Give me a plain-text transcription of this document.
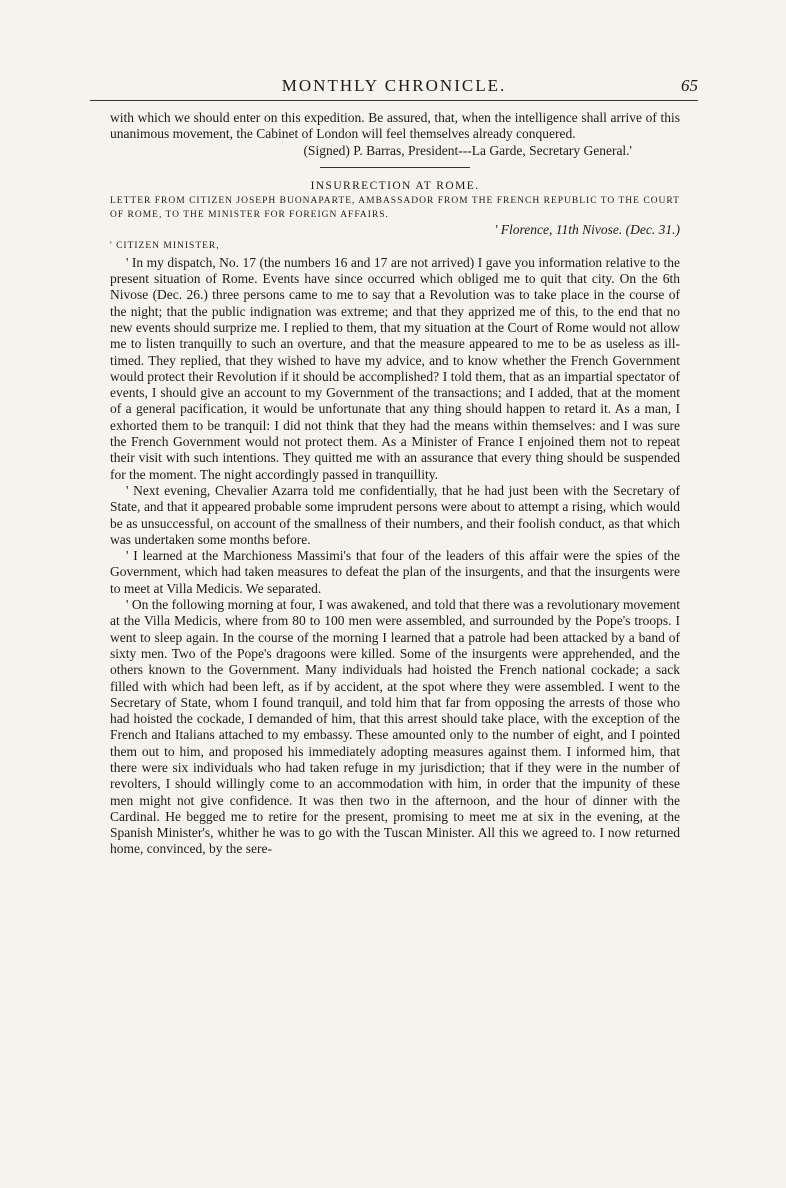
MONTHLY CHRONICLE.	65

with which we should enter on this expedition. Be assured, that, when the intelligence shall arrive of this unanimous movement, the Cabinet of London will feel themselves already conquered.

(Signed) P. Barras, President---La Garde, Secretary General.'

INSURRECTION AT ROME.

LETTER FROM CITIZEN JOSEPH BUONAPARTE, AMBASSADOR FROM THE FRENCH REPUBLIC TO THE COURT OF ROME, TO THE MINISTER FOR FOREIGN AFFAIRS.

' Florence, 11th Nivose. (Dec. 31.)

' CITIZEN MINISTER,

' In my dispatch, No. 17 (the numbers 16 and 17 are not arrived) I gave you information relative to the present situation of Rome. Events have since occurred which obliged me to quit that city. On the 6th Nivose (Dec. 26.) three persons came to me to say that a Revolution was to take place in the course of the night; that the public indignation was extreme; and that they apprized me of this, to the end that no new events should surprize me. I replied to them, that my situation at the Court of Rome would not allow me to listen tranquilly to such an overture, and that the measure appeared to me to be as useless as ill-timed. They replied, that they wished to have my advice, and to know whether the French Government would protect their Revolution if it should be accomplished? I told them, that as an impartial spectator of events, I should give an account to my Government of the transactions; and I added, that at the moment of a general pacification, it would be unfortunate that any thing should happen to retard it. As a man, I exhorted them to be tranquil: I did not think that they had the means within themselves: and I was sure the French Government would not protect them. As a Minister of France I enjoined them not to repeat their visit with such intentions. They quitted me with an assurance that every thing should be suspended for the moment. The night accordingly passed in tranquillity.

' Next evening, Chevalier Azarra told me confidentially, that he had just been with the Secretary of State, and that it appeared probable some imprudent persons were about to attempt a rising, which would be as unsuccessful, on account of the smallness of their numbers, and their foolish conduct, as that which was undertaken some months before.

' I learned at the Marchioness Massimi's that four of the leaders of this affair were the spies of the Government, which had taken measures to defeat the plan of the insurgents, and that the insurgents were to meet at Villa Medicis. We separated.

' On the following morning at four, I was awakened, and told that there was a revolutionary movement at the Villa Medicis, where from 80 to 100 men were assembled, and surrounded by the Pope's troops. I went to sleep again. In the course of the morning I learned that a patrole had been attacked by a band of sixty men. Two of the Pope's dragoons were killed. Some of the insurgents were apprehended, and the others known to the Government. Many individuals had hoisted the French national cockade; a sack filled with which had been left, as if by accident, at the spot where they were assembled. I went to the Secretary of State, whom I found tranquil, and told him that far from opposing the arrests of those who had hoisted the cockade, I demanded of him, that this arrest should take place, with the exception of the French and Italians attached to my embassy. These amounted only to the number of eight, and I pointed them out to him, and proposed his immediately adopting measures against them. I informed him, that there were six individuals who had taken refuge in my jurisdiction; that if they were in the number of revolters, I should willingly come to an accommodation with him, in order that the impunity of these men might not give confidence. It was then two in the afternoon, and the hour of dinner with the Cardinal. He begged me to retire for the present, promising to meet me at six in the evening, at the Spanish Minister's, whither he was to go with the Tuscan Minister. All this we agreed to. I now returned home, convinced, by the sere-
